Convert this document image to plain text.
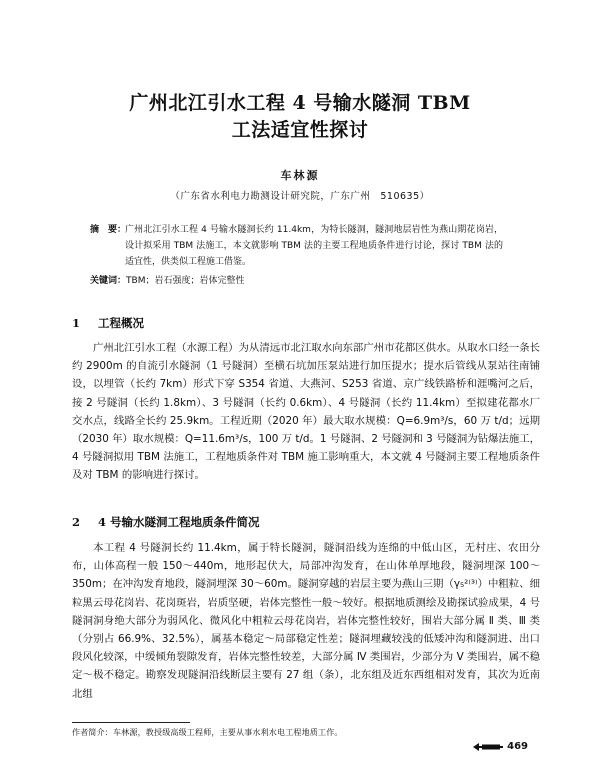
广州北江引水工程 4 号输水隧洞 TBM
工法适宜性探讨
车林源
（广东省水利电力勘测设计研究院，广东广州　510635）
摘　要：
广州北江引水工程 4 号输水隧洞长约 11.4km，为特长隧洞，隧洞地层岩性为燕山期花岗岩，设计拟采用 TBM 法施工，本文就影响 TBM 法的主要工程地质条件进行讨论，探讨 TBM 法的适宜性，供类似工程施工借鉴。
关键词：TBM；岩石强度；岩体完整性
1 工程概况
广州北江引水工程（水源工程）为从清远市北江取水向东部广州市花都区供水。从取水口经一条长约 2900m 的自流引水隧洞（1 号隧洞）至横石坑加压泵站进行加压提水；提水后管线从泵站往南铺设，以埋管（长约 7km）形式下穿 S354 省道、大燕河、S253 省道、京广线铁路桥和涯嘴河之后，接 2 号隧洞（长约 1.8km）、3 号隧洞（长约 0.6km）、4 号隧洞（长约 11.4km）至拟建花都水厂交水点，线路全长约 25.9km。工程近期（2020 年）最大取水规模：Q=6.9m³/s，60 万 t/d；远期（2030 年）取水规模：Q=11.6m³/s，100 万 t/d。1 号隧洞、2 号隧洞和 3 号隧洞为钻爆法施工，4 号隧洞拟用 TBM 法施工，工程地质条件对 TBM 施工影响重大，本文就 4 号隧洞主要工程地质条件及对 TBM 的影响进行探讨。
2 4 号输水隧洞工程地质条件简况
本工程 4 号隧洞长约 11.4km，属于特长隧洞，隧洞沿线为连绵的中低山区，无村庄、农田分布，山体高程一般 150～440m，地形起伏大，局部冲沟发育，在山体单厚地段，隧洞埋深 100～350m；在冲沟发育地段，隧洞埋深 30～60m。隧洞穿越的岩层主要为燕山三期（γ₅²⁽³⁾）中粗粒、细粒黑云母花岗岩、花岗斑岩，岩质坚硬，岩体完整性一般～较好。根据地质测绘及勘探试验成果，4 号隧洞洞身绝大部分为弱风化、微风化中粗粒云母花岗岩，岩体完整性较好，围岩大部分属 Ⅱ 类、Ⅲ 类（分别占 66.9%、32.5%），属基本稳定～局部稳定性差；隧洞埋藏较浅的低矮冲沟和隧洞进、出口段风化较深，中缓倾角裂隙发育，岩体完整性较差，大部分属 Ⅳ 类围岩，少部分为 Ⅴ 类围岩，属不稳定～极不稳定。勘察发现隧洞沿线断层主要有 27 组（条），北东组及近东西组相对发育，其次为近南北组
作者简介：车林源，教授级高级工程师，主要从事水利水电工程地质工作。
469
